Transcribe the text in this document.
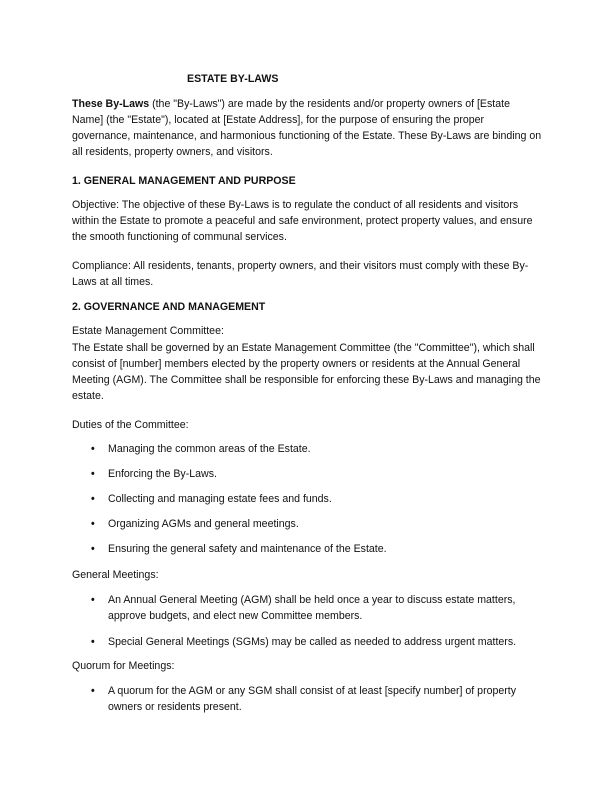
ESTATE BY-LAWS

These By-Laws (the "By-Laws") are made by the residents and/or property owners of [Estate Name] (the "Estate"), located at [Estate Address], for the purpose of ensuring the proper governance, maintenance, and harmonious functioning of the Estate. These By-Laws are binding on all residents, property owners, and visitors.

1. GENERAL MANAGEMENT AND PURPOSE

Objective: The objective of these By-Laws is to regulate the conduct of all residents and visitors within the Estate to promote a peaceful and safe environment, protect property values, and ensure the smooth functioning of communal services.

Compliance: All residents, tenants, property owners, and their visitors must comply with these By-Laws at all times.

2. GOVERNANCE AND MANAGEMENT

Estate Management Committee:

The Estate shall be governed by an Estate Management Committee (the "Committee"), which shall consist of [number] members elected by the property owners or residents at the Annual General Meeting (AGM). The Committee shall be responsible for enforcing these By-Laws and managing the estate.

Duties of the Committee:

• Managing the common areas of the Estate.
• Enforcing the By-Laws.
• Collecting and managing estate fees and funds.
• Organizing AGMs and general meetings.
• Ensuring the general safety and maintenance of the Estate.

General Meetings:

• An Annual General Meeting (AGM) shall be held once a year to discuss estate matters, approve budgets, and elect new Committee members.
• Special General Meetings (SGMs) may be called as needed to address urgent matters.

Quorum for Meetings:

• A quorum for the AGM or any SGM shall consist of at least [specify number] of property owners or residents present.
